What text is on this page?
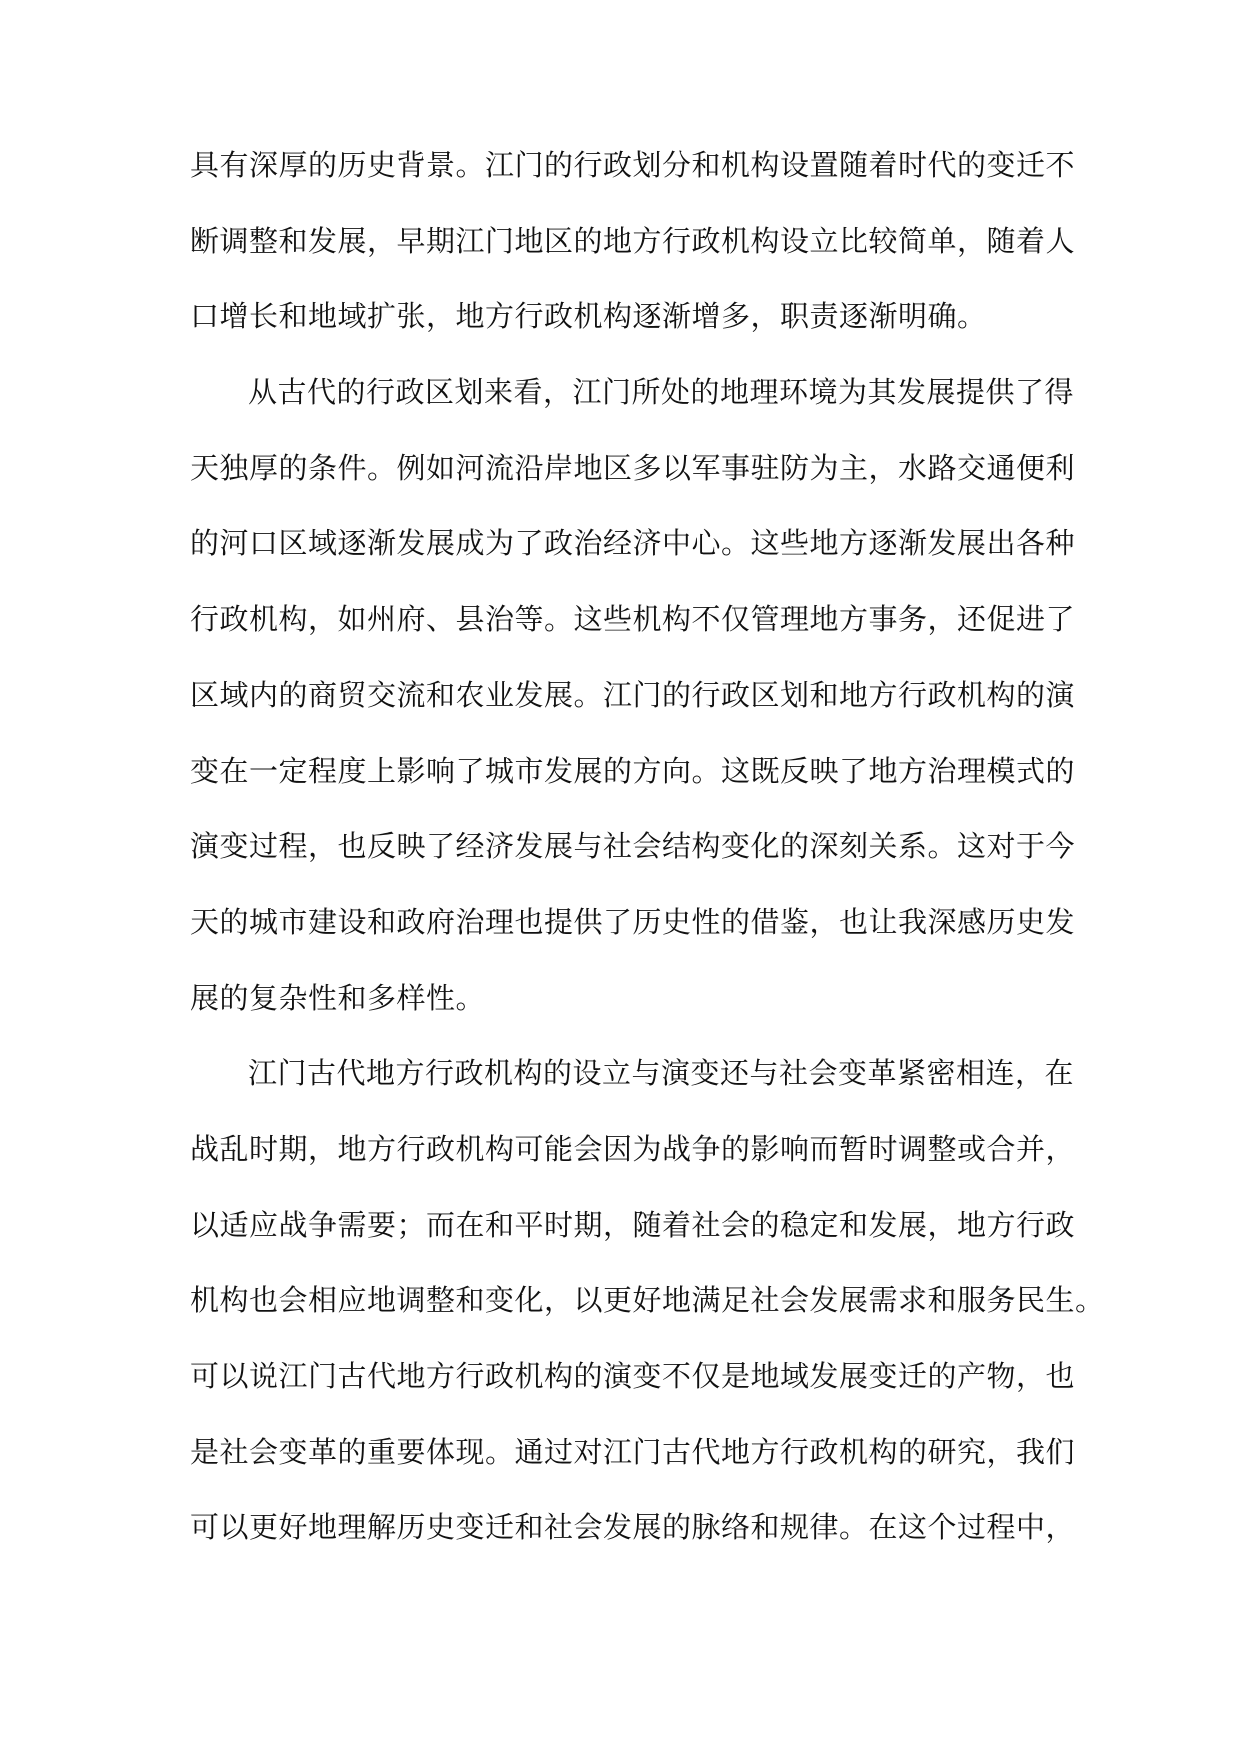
具有深厚的历史背景。江门的行政划分和机构设置随着时代的变迁不
断调整和发展，早期江门地区的地方行政机构设立比较简单，随着人
口增长和地域扩张，地方行政机构逐渐增多，职责逐渐明确。
从古代的行政区划来看，江门所处的地理环境为其发展提供了得
天独厚的条件。例如河流沿岸地区多以军事驻防为主，水路交通便利
的河口区域逐渐发展成为了政治经济中心。这些地方逐渐发展出各种
行政机构，如州府、县治等。这些机构不仅管理地方事务，还促进了
区域内的商贸交流和农业发展。江门的行政区划和地方行政机构的演
变在一定程度上影响了城市发展的方向。这既反映了地方治理模式的
演变过程，也反映了经济发展与社会结构变化的深刻关系。这对于今
天的城市建设和政府治理也提供了历史性的借鉴，也让我深感历史发
展的复杂性和多样性。
江门古代地方行政机构的设立与演变还与社会变革紧密相连，在
战乱时期，地方行政机构可能会因为战争的影响而暂时调整或合并，
以适应战争需要；而在和平时期，随着社会的稳定和发展，地方行政
机构也会相应地调整和变化，以更好地满足社会发展需求和服务民生。
可以说江门古代地方行政机构的演变不仅是地域发展变迁的产物，也
是社会变革的重要体现。通过对江门古代地方行政机构的研究，我们
可以更好地理解历史变迁和社会发展的脉络和规律。在这个过程中，
